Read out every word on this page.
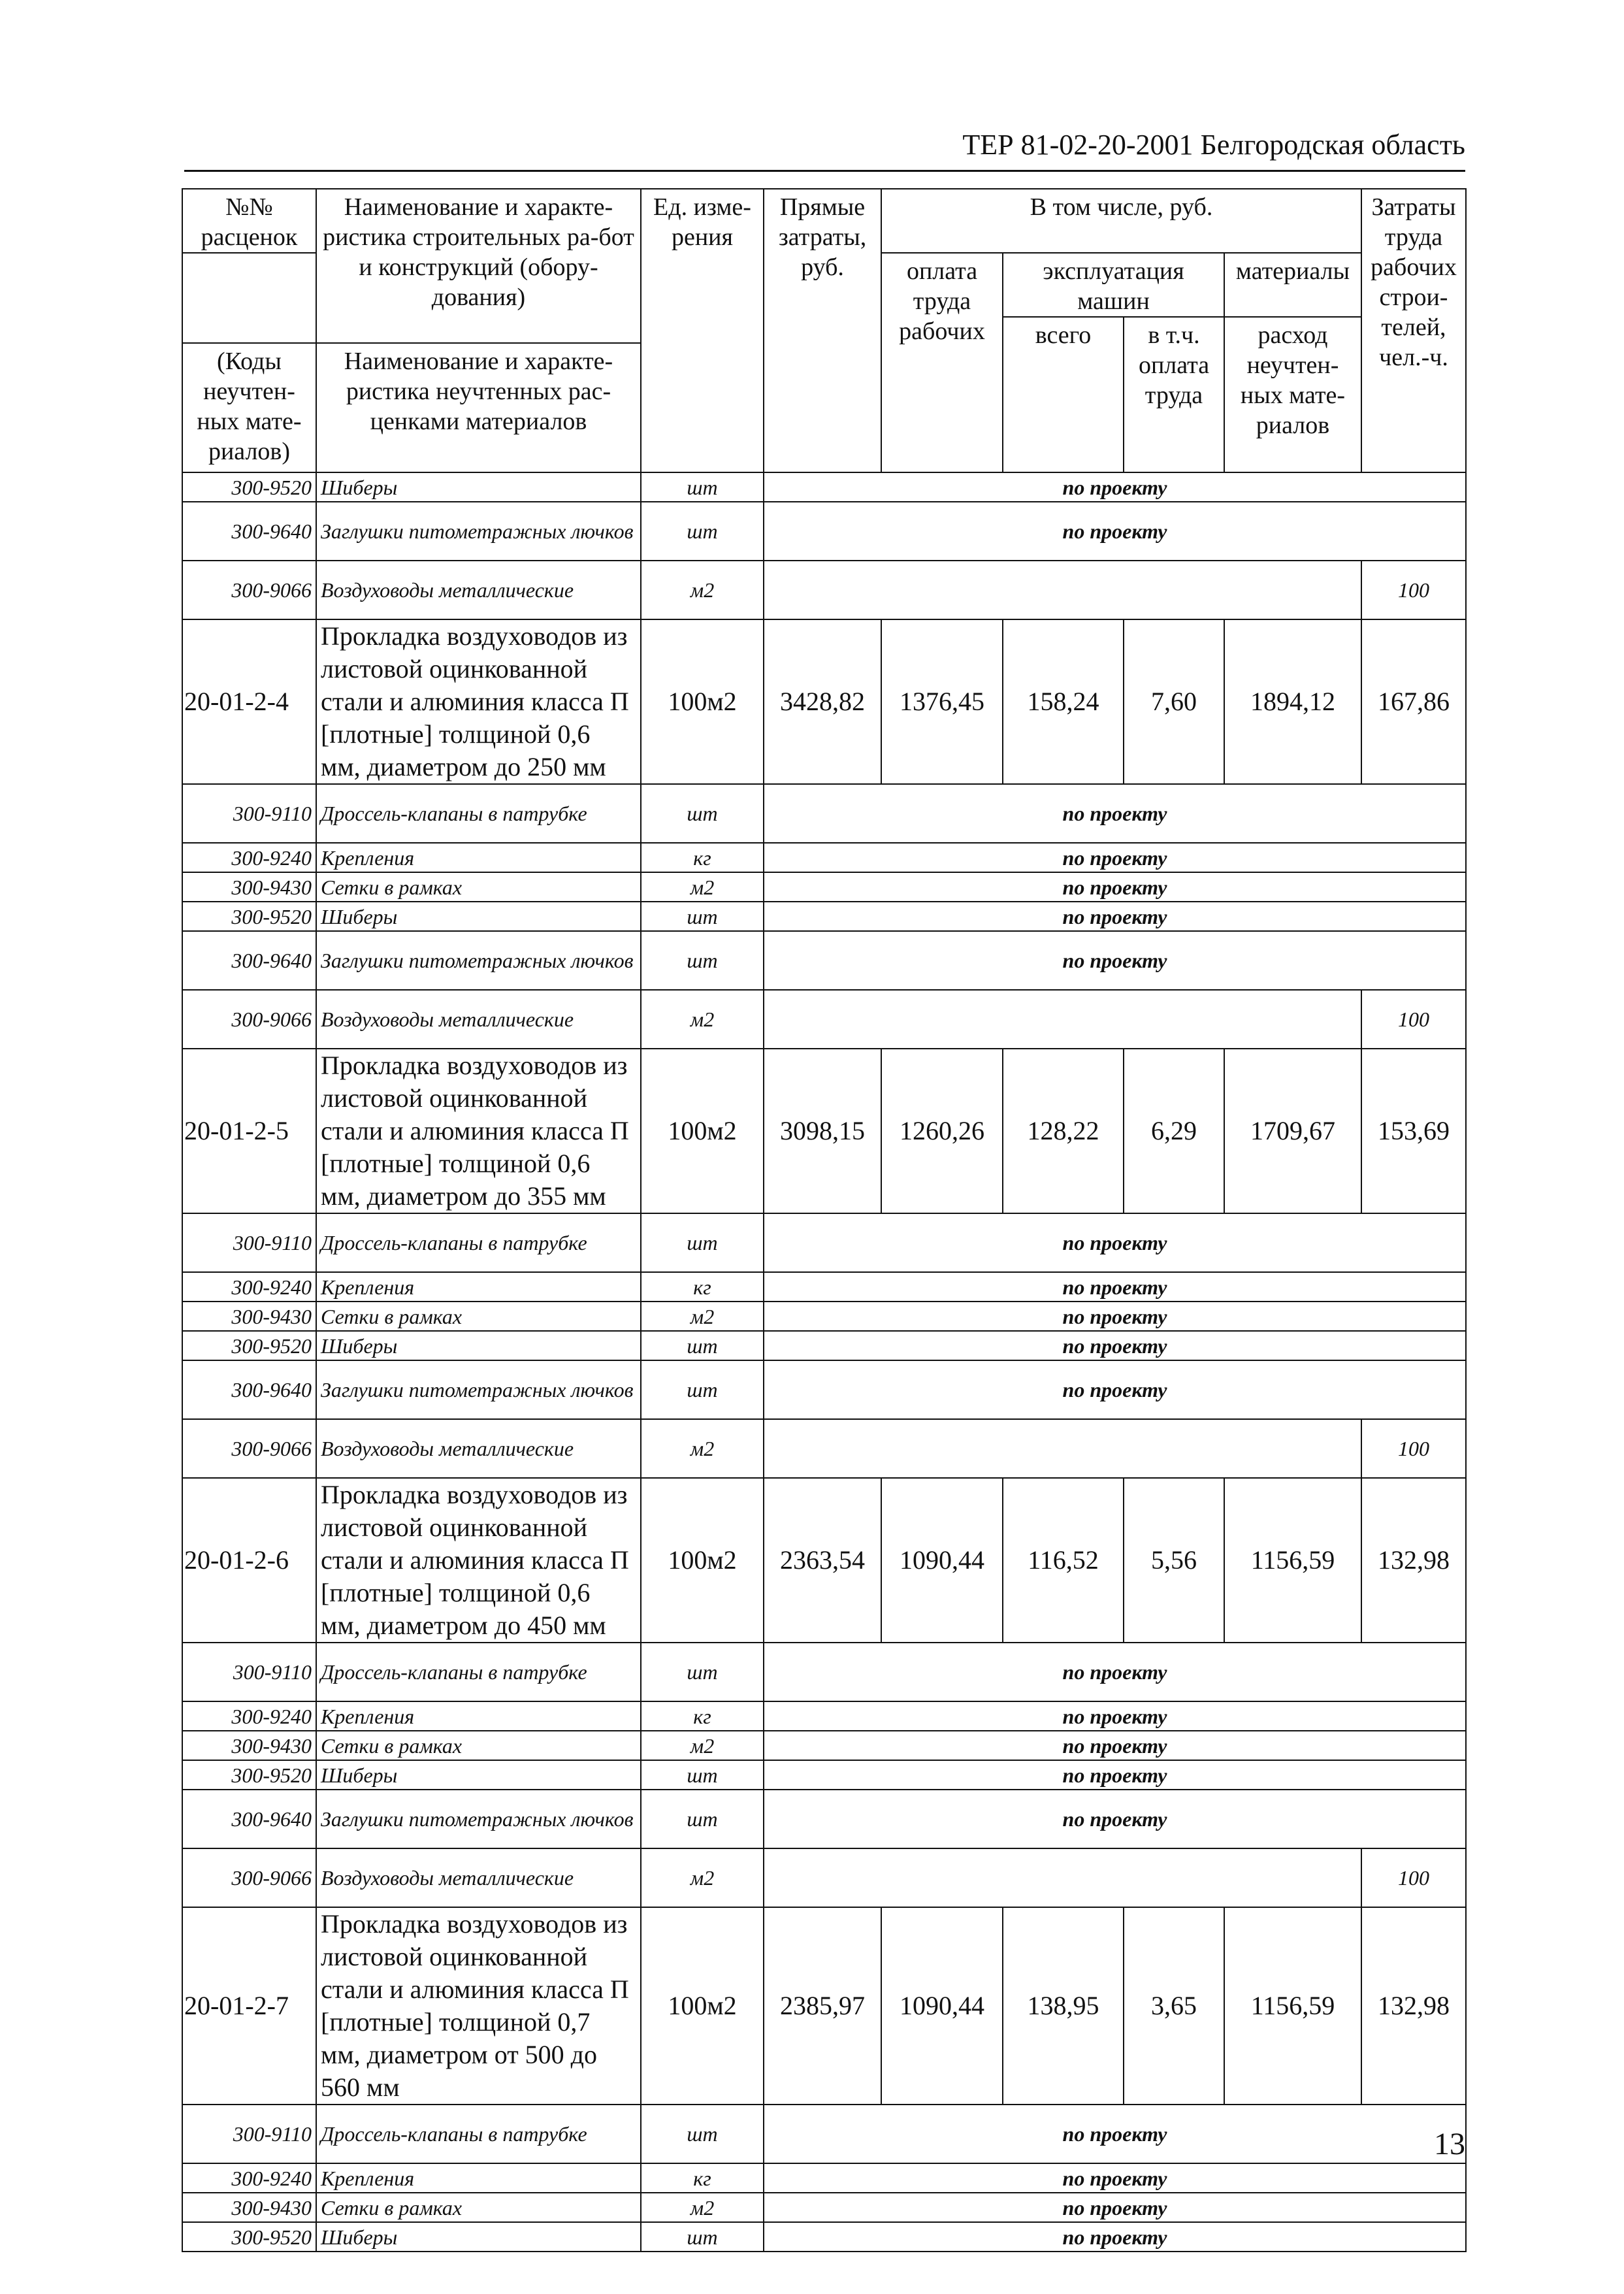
ТЕР 81-02-20-2001 Белгородская область
№№ расценок	Наименование и характе-ристика строительных ра-бот и конструкций (обору-дования)	Ед. изме-рения	Прямые затраты, руб.	В том числе, руб.				Затраты труда рабочих строи-телей, чел.-ч.	
				оплата труда рабочих	эксплуатация машин		материалы		
					всего	в т.ч. оплата труда	расход неучтен-ных мате-риалов		
(Коды неучтен-ных мате-риалов)	Наименование и характе-ристика неучтенных рас-ценками материалов								
300-9520	Шиберы	шт	по проекту						
300-9640	Заглушки питометражных лючков	шт	по проекту						
300-9066	Воздуховоды металлические	м2						100	
20-01-2-4	Прокладка воздуховодов из листовой оцинкованной стали и алюминия класса П [плотные] толщиной 0,6 мм, диаметром до 250 мм	100м2	3428,82	1376,45	158,24	7,60	1894,12	167,86	
300-9110	Дроссель-клапаны в патрубке	шт	по проекту						
300-9240	Крепления	кг	по проекту						
300-9430	Сетки в рамках	м2	по проекту						
300-9520	Шиберы	шт	по проекту						
300-9640	Заглушки питометражных лючков	шт	по проекту						
300-9066	Воздуховоды металлические	м2						100	
20-01-2-5	Прокладка воздуховодов из листовой оцинкованной стали и алюминия класса П [плотные] толщиной 0,6 мм, диаметром до 355 мм	100м2	3098,15	1260,26	128,22	6,29	1709,67	153,69	
300-9110	Дроссель-клапаны в патрубке	шт	по проекту						
300-9240	Крепления	кг	по проекту						
300-9430	Сетки в рамках	м2	по проекту						
300-9520	Шиберы	шт	по проекту						
300-9640	Заглушки питометражных лючков	шт	по проекту						
300-9066	Воздуховоды металлические	м2						100	
20-01-2-6	Прокладка воздуховодов из листовой оцинкованной стали и алюминия класса П [плотные] толщиной 0,6 мм, диаметром до 450 мм	100м2	2363,54	1090,44	116,52	5,56	1156,59	132,98	
300-9110	Дроссель-клапаны в патрубке	шт	по проекту						
300-9240	Крепления	кг	по проекту						
300-9430	Сетки в рамках	м2	по проекту						
300-9520	Шиберы	шт	по проекту						
300-9640	Заглушки питометражных лючков	шт	по проекту						
300-9066	Воздуховоды металлические	м2						100	
20-01-2-7	Прокладка воздуховодов из листовой оцинкованной стали и алюминия класса П [плотные] толщиной 0,7 мм, диаметром от 500 до 560 мм	100м2	2385,97	1090,44	138,95	3,65	1156,59	132,98	
300-9110	Дроссель-клапаны в патрубке	шт	по проекту						
300-9240	Крепления	кг	по проекту						
300-9430	Сетки в рамках	м2	по проекту						
300-9520	Шиберы	шт	по проекту						
13
